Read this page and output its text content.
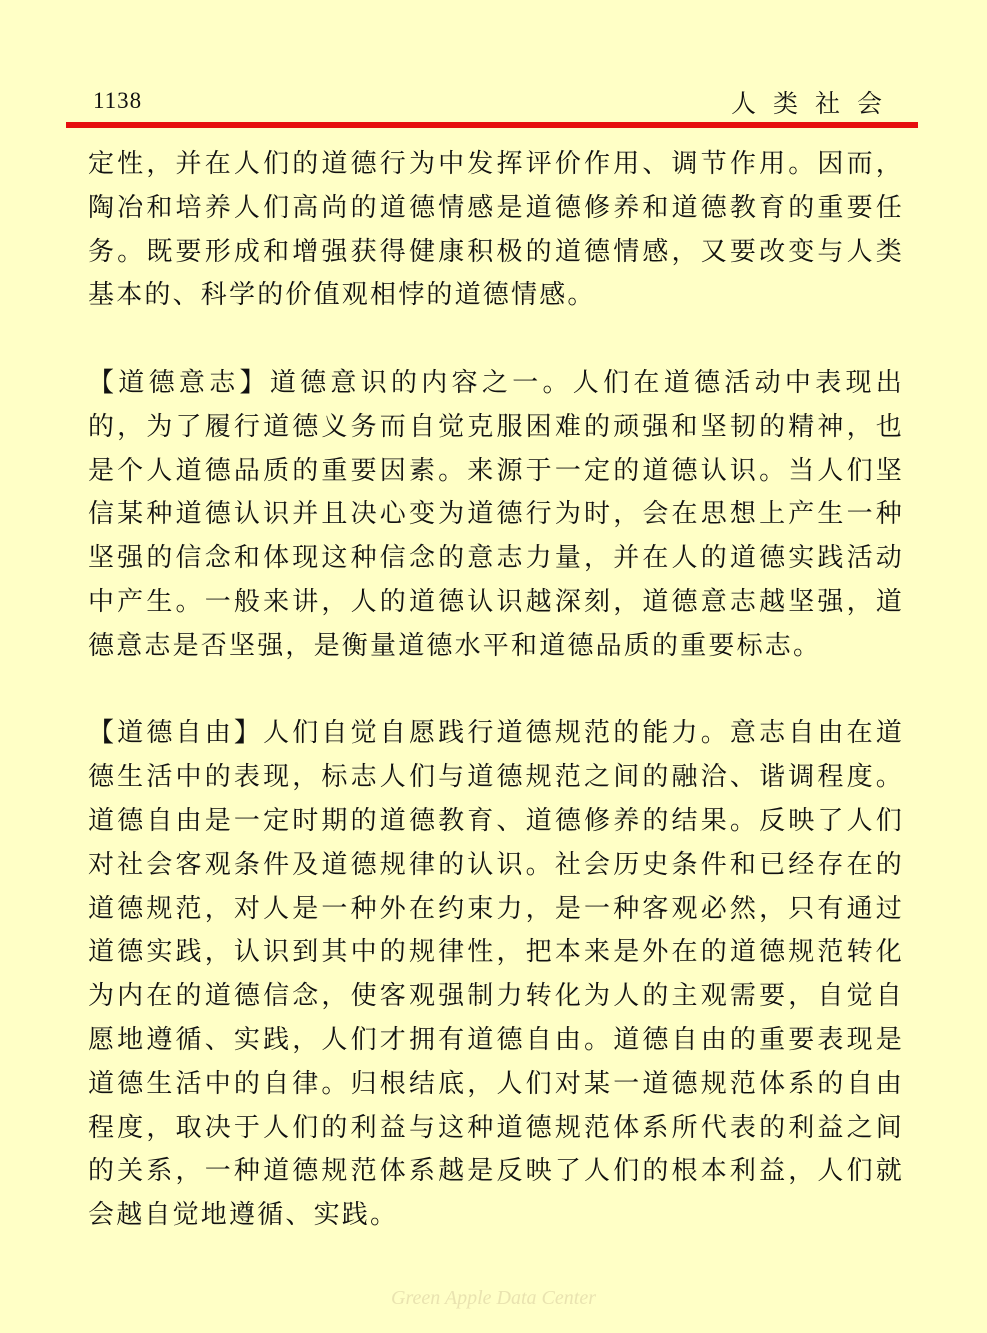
1138	人类社会

定性，并在人们的道德行为中发挥评价作用、调节作用。因而，陶冶和培养人们高尚的道德情感是道德修养和道德教育的重要任务。既要形成和增强获得健康积极的道德情感，又要改变与人类基本的、科学的价值观相悖的道德情感。

【道德意志】道德意识的内容之一。人们在道德活动中表现出的，为了履行道德义务而自觉克服困难的顽强和坚韧的精神，也是个人道德品质的重要因素。来源于一定的道德认识。当人们坚信某种道德认识并且决心变为道德行为时，会在思想上产生一种坚强的信念和体现这种信念的意志力量，并在人的道德实践活动中产生。一般来讲，人的道德认识越深刻，道德意志越坚强，道德意志是否坚强，是衡量道德水平和道德品质的重要标志。

【道德自由】人们自觉自愿践行道德规范的能力。意志自由在道德生活中的表现，标志人们与道德规范之间的融洽、谐调程度。道德自由是一定时期的道德教育、道德修养的结果。反映了人们对社会客观条件及道德规律的认识。社会历史条件和已经存在的道德规范，对人是一种外在约束力，是一种客观必然，只有通过道德实践，认识到其中的规律性，把本来是外在的道德规范转化为内在的道德信念，使客观强制力转化为人的主观需要，自觉自愿地遵循、实践，人们才拥有道德自由。道德自由的重要表现是道德生活中的自律。归根结底，人们对某一道德规范体系的自由程度，取决于人们的利益与这种道德规范体系所代表的利益之间的关系，一种道德规范体系越是反映了人们的根本利益，人们就会越自觉地遵循、实践。

Green Apple Data Center
